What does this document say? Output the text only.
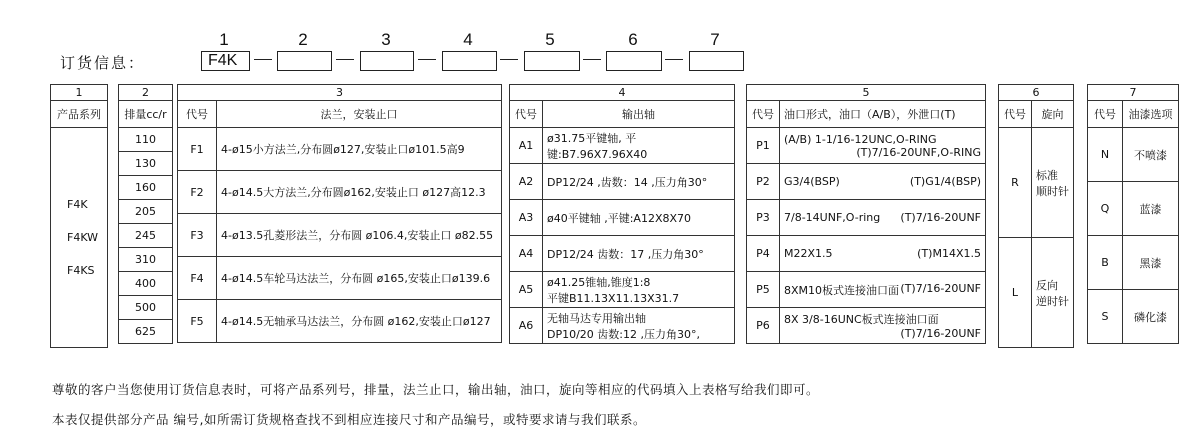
订货信息：
1	2	3	4	5	6	7
F4K
1
产品系列

F4K
F4KW
F4KS
2
排量cc/r
110
130
160
205
245
310
400
500
625
3	
代号	法兰，安装止口
F1	4-ø15小方法兰,分布圆ø127,安装止口ø101.5高9
F2	4-ø14.5大方法兰,分布圆ø162,安装止口 ø127高12.3
F3	4-ø13.5孔菱形法兰，分布圆 ø106.4,安装止口 ø82.55
F4	4-ø14.5车轮马达法兰，分布圆 ø165,安装止口ø139.6
F5	4-ø14.5无轴承马达法兰，分布圆 ø162,安装止口ø127
4	
代号	输出轴
A1	ø31.75平键轴, 平键:B7.96X7.96X40

A2	DP12/24 ,齿数：14 ,压力角30°

A3	ø40平键轴 ,平键:A12X8X70

A4	DP12/24 齿数：17 ,压力角30°

A5	ø41.25锥轴,锥度1:8
平键B11.13X11.13X31.7

A6	无轴马达专用输出轴
DP10/20 齿数:12 ,压力角30°,
5	
代号	油口形式，油口（A/B），外泄口(T)
P1	(A/B) 1-1/16-12UNC,O-RING
(T)7/16-20UNF,O-RING

P2	G3/4(BSP) (T)G1/4(BSP)

P3	7/8-14UNF,O-ring (T)7/16-20UNF

P4	M22X1.5 (T)M14X1.5

P5	8XM10板式连接油口面 (T)7/16-20UNF

P6	8X 3/8-16UNC板式连接油口面
(T)7/16-20UNF
6	
代号	旋向
R	标准
顺时针

L	反向
逆时针
7	
代号	油漆选项
N	不喷漆
Q	蓝漆
B	黑漆
S	磷化漆
尊敬的客户当您使用订货信息表时，可将产品系列号，排量，法兰止口，输出轴，油口，旋向等相应的代码填入上表格写给我们即可。
本表仅提供部分产品 编号,如所需订货规格查找不到相应连接尺寸和产品编号，或特要求请与我们联系。
